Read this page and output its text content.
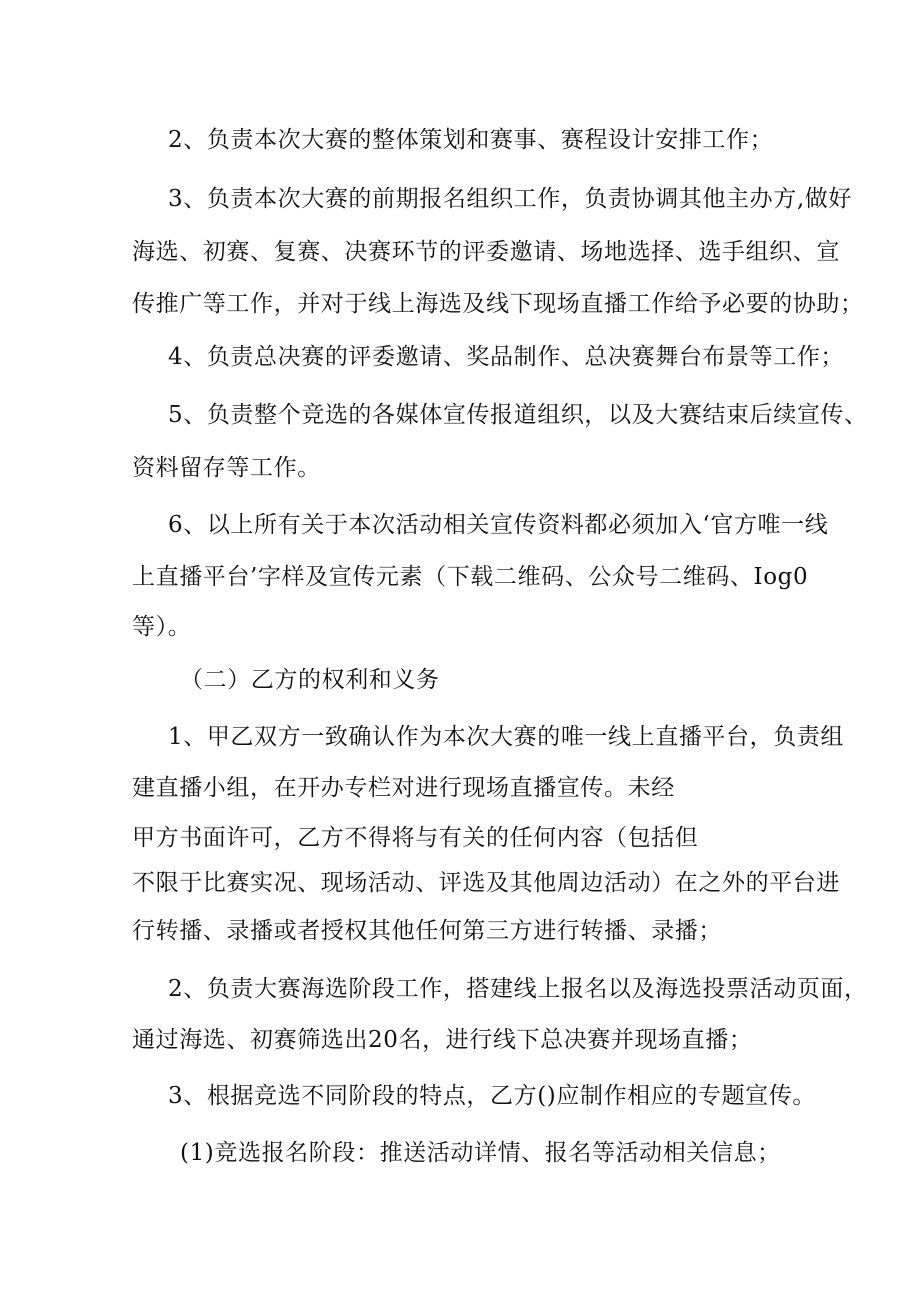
2、负责本次大赛的整体策划和赛事、赛程设计安排工作；
3、负责本次大赛的前期报名组织工作，负责协调其他主办方,做好
海选、初赛、复赛、决赛环节的评委邀请、场地选择、选手组织、宣
传推广等工作，并对于线上海选及线下现场直播工作给予必要的协助；
4、负责总决赛的评委邀请、奖品制作、总决赛舞台布景等工作；
5、负责整个竞选的各媒体宣传报道组织，以及大赛结束后续宣传、
资料留存等工作。
6、以上所有关于本次活动相关宣传资料都必须加入‘官方唯一线
上直播平台’字样及宣传元素（下载二维码、公众号二维码、Iog0
等）。
（二）乙方的权利和义务
1、甲乙双方一致确认作为本次大赛的唯一线上直播平台，负责组
建直播小组，在开办专栏对进行现场直播宣传。未经
甲方书面许可，乙方不得将与有关的任何内容（包括但
不限于比赛实况、现场活动、评选及其他周边活动）在之外的平台进
行转播、录播或者授权其他任何第三方进行转播、录播；
2、负责大赛海选阶段工作，搭建线上报名以及海选投票活动页面，
通过海选、初赛筛选出20名，进行线下总决赛并现场直播；
3、根据竞选不同阶段的特点，乙方()应制作相应的专题宣传。
(1)竞选报名阶段：推送活动详情、报名等活动相关信息；
